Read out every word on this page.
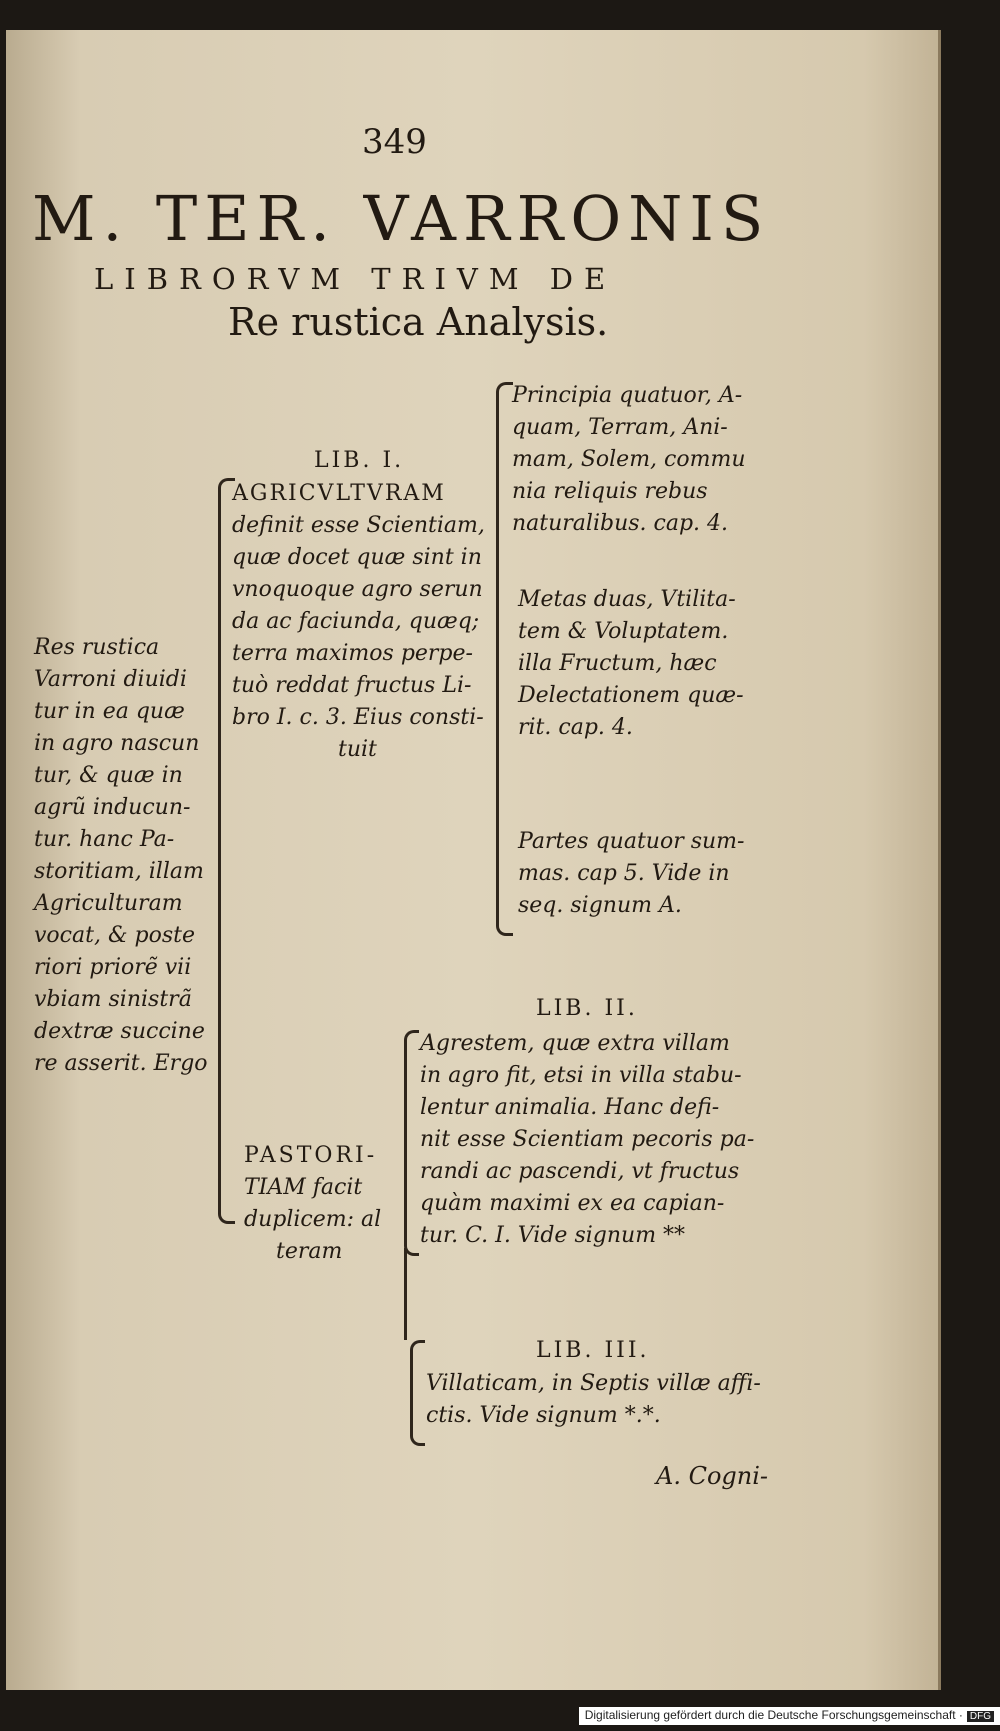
349
M. TER. VARRONIS
LIBRORVM TRIVM DE
Re rustica Analysis.
Res rustica
Varroni diuidi
tur in ea quæ
in agro nascun
tur, & quæ in
agrũ inducun-
tur. hanc Pa-
storitiam, illam
Agriculturam
vocat, & poste
riori priorẽ vii
vbiam sinistrã
dextræ succine
re asserit. Ergo
LIB. I.
AGRICVLTVRAM
definit esse Scientiam,
quæ docet quæ sint in
vnoquoque agro serun
da ac faciunda, quæq;
terra maximos perpe-
tuò reddat fructus Li-
bro I. c. 3. Eius consti-
tuit
Principia quatuor, A-
quam, Terram, Ani-
mam, Solem, commu
nia reliquis rebus
naturalibus. cap. 4.
Metas duas, Vtilita-
tem & Voluptatem.
illa Fructum, hæc
Delectationem quæ-
rit. cap. 4.
Partes quatuor sum-
mas. cap 5. Vide in
seq. signum A.
PASTORI-
TIAM facit
duplicem: al
teram
LIB. II.
Agrestem, quæ extra villam
in agro fit, etsi in villa stabu-
lentur animalia. Hanc defi-
nit esse Scientiam pecoris pa-
randi ac pascendi, vt fructus
quàm maximi ex ea capian-
tur. C. I. Vide signum **
LIB. III.
Villaticam, in Septis villæ affi-
ctis. Vide signum *.*.
A. Cogni-
Digitalisierung gefördert durch die Deutsche Forschungsgemeinschaft · DFG
